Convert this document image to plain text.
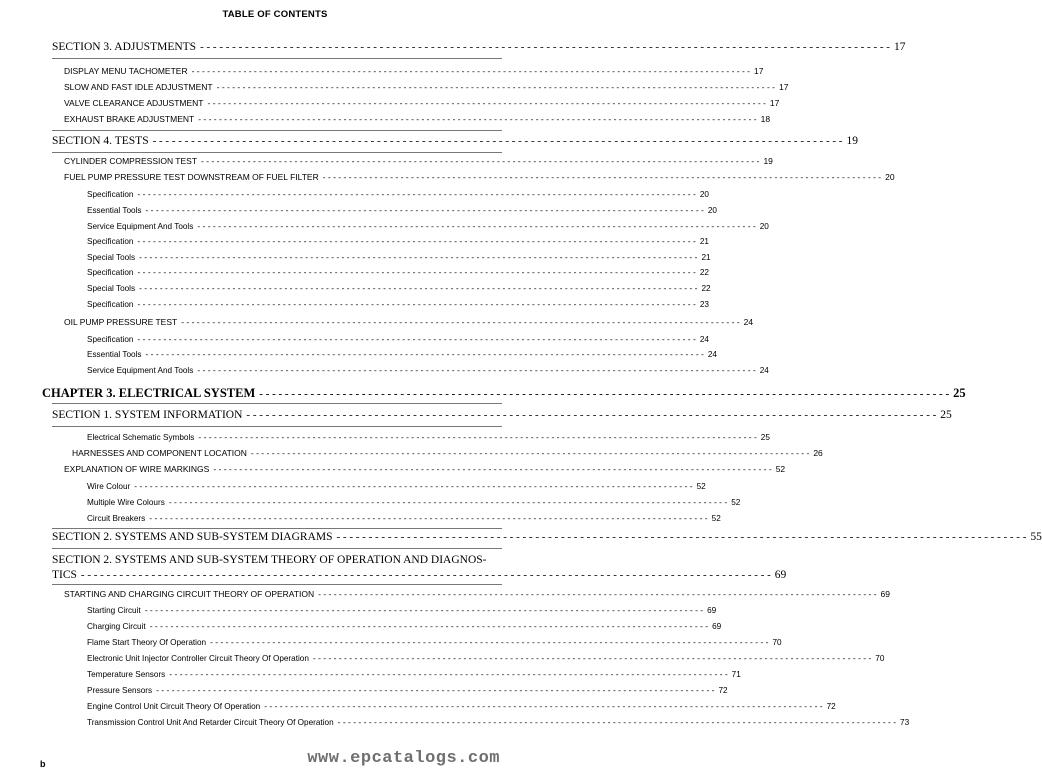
TABLE OF CONTENTS
SECTION 3. ADJUSTMENTS - - - - - - - - - - - - - - - - - - - - - - - - - - - - - - - - - - - - - - - - - - - - - - - - - - - - - - - - - - - - - - - - - - - - - - - - - - - - - - - - - - - - - - - - - - - - - - - - - - - - - - - - - - - - 17
DISPLAY MENU TACHOMETER - - - - - - - - - - - - - - - - - - - - - - - - - - - - - - - - - - - - - - - - - - - - - - - - - - - - - - - - - - - - - - - - - - - - - - - - - - - - - - - - - - - - - - - - - - - - - - - - - - - - - - - - - - - - 17
SLOW AND FAST IDLE ADJUSTMENT - - - - - - - - - - - - - - - - - - - - - - - - - - - - - - - - - - - - - - - - - - - - - - - - - - - - - - - - - - - - - - - - - - - - - - - - - - - - - - - - - - - - - - - - - - - - - - - - - - - - - - - - - - - - 17
VALVE CLEARANCE ADJUSTMENT - - - - - - - - - - - - - - - - - - - - - - - - - - - - - - - - - - - - - - - - - - - - - - - - - - - - - - - - - - - - - - - - - - - - - - - - - - - - - - - - - - - - - - - - - - - - - - - - - - - - - - - - - - - - 17
EXHAUST BRAKE ADJUSTMENT - - - - - - - - - - - - - - - - - - - - - - - - - - - - - - - - - - - - - - - - - - - - - - - - - - - - - - - - - - - - - - - - - - - - - - - - - - - - - - - - - - - - - - - - - - - - - - - - - - - - - - - - - - - - 18
SECTION 4. TESTS - - - - - - - - - - - - - - - - - - - - - - - - - - - - - - - - - - - - - - - - - - - - - - - - - - - - - - - - - - - - - - - - - - - - - - - - - - - - - - - - - - - - - - - - - - - - - - - - - - - - - - - - - - - - 19
CYLINDER COMPRESSION TEST - - - - - - - - - - - - - - - - - - - - - - - - - - - - - - - - - - - - - - - - - - - - - - - - - - - - - - - - - - - - - - - - - - - - - - - - - - - - - - - - - - - - - - - - - - - - - - - - - - - - - - - - - - - - 19
FUEL PUMP PRESSURE TEST DOWNSTREAM OF FUEL FILTER - - - - - - - - - - - - - - - - - - - - - - - - - - - - - - - - - - - - - - - - - - - - - - - - - - - - - - - - - - - - - - - - - - - - - - - - - - - - - - - - - - - - - - - - - - - - - - - - - - - - - - - - - - - - 20
Specification - - - - - - - - - - - - - - - - - - - - - - - - - - - - - - - - - - - - - - - - - - - - - - - - - - - - - - - - - - - - - - - - - - - - - - - - - - - - - - - - - - - - - - - - - - - - - - - - - - - - - - - - - - - - 20
Essential Tools - - - - - - - - - - - - - - - - - - - - - - - - - - - - - - - - - - - - - - - - - - - - - - - - - - - - - - - - - - - - - - - - - - - - - - - - - - - - - - - - - - - - - - - - - - - - - - - - - - - - - - - - - - - - 20
Service Equipment And Tools - - - - - - - - - - - - - - - - - - - - - - - - - - - - - - - - - - - - - - - - - - - - - - - - - - - - - - - - - - - - - - - - - - - - - - - - - - - - - - - - - - - - - - - - - - - - - - - - - - - - - - - - - - - - 20
Specification - - - - - - - - - - - - - - - - - - - - - - - - - - - - - - - - - - - - - - - - - - - - - - - - - - - - - - - - - - - - - - - - - - - - - - - - - - - - - - - - - - - - - - - - - - - - - - - - - - - - - - - - - - - - 21
Special Tools - - - - - - - - - - - - - - - - - - - - - - - - - - - - - - - - - - - - - - - - - - - - - - - - - - - - - - - - - - - - - - - - - - - - - - - - - - - - - - - - - - - - - - - - - - - - - - - - - - - - - - - - - - - - 21
Specification - - - - - - - - - - - - - - - - - - - - - - - - - - - - - - - - - - - - - - - - - - - - - - - - - - - - - - - - - - - - - - - - - - - - - - - - - - - - - - - - - - - - - - - - - - - - - - - - - - - - - - - - - - - - 22
Special Tools - - - - - - - - - - - - - - - - - - - - - - - - - - - - - - - - - - - - - - - - - - - - - - - - - - - - - - - - - - - - - - - - - - - - - - - - - - - - - - - - - - - - - - - - - - - - - - - - - - - - - - - - - - - - 22
Specification - - - - - - - - - - - - - - - - - - - - - - - - - - - - - - - - - - - - - - - - - - - - - - - - - - - - - - - - - - - - - - - - - - - - - - - - - - - - - - - - - - - - - - - - - - - - - - - - - - - - - - - - - - - - 23
OIL PUMP PRESSURE TEST - - - - - - - - - - - - - - - - - - - - - - - - - - - - - - - - - - - - - - - - - - - - - - - - - - - - - - - - - - - - - - - - - - - - - - - - - - - - - - - - - - - - - - - - - - - - - - - - - - - - - - - - - - - - 24
Specification - - - - - - - - - - - - - - - - - - - - - - - - - - - - - - - - - - - - - - - - - - - - - - - - - - - - - - - - - - - - - - - - - - - - - - - - - - - - - - - - - - - - - - - - - - - - - - - - - - - - - - - - - - - - 24
Essential Tools - - - - - - - - - - - - - - - - - - - - - - - - - - - - - - - - - - - - - - - - - - - - - - - - - - - - - - - - - - - - - - - - - - - - - - - - - - - - - - - - - - - - - - - - - - - - - - - - - - - - - - - - - - - - 24
Service Equipment And Tools - - - - - - - - - - - - - - - - - - - - - - - - - - - - - - - - - - - - - - - - - - - - - - - - - - - - - - - - - - - - - - - - - - - - - - - - - - - - - - - - - - - - - - - - - - - - - - - - - - - - - - - - - - - - 24
CHAPTER 3. ELECTRICAL SYSTEM - - - - - - - - - - - - - - - - - - - - - - - - - - - - - - - - - - - - - - - - - - - - - - - - - - - - - - - - - - - - - - - - - - - - - - - - - - - - - - - - - - - - - - - - - - - - - - - - - - - - - - - - - - - - 25
SECTION 1. SYSTEM INFORMATION - - - - - - - - - - - - - - - - - - - - - - - - - - - - - - - - - - - - - - - - - - - - - - - - - - - - - - - - - - - - - - - - - - - - - - - - - - - - - - - - - - - - - - - - - - - - - - - - - - - - - - - - - - - - 25
Electrical Schematic Symbols - - - - - - - - - - - - - - - - - - - - - - - - - - - - - - - - - - - - - - - - - - - - - - - - - - - - - - - - - - - - - - - - - - - - - - - - - - - - - - - - - - - - - - - - - - - - - - - - - - - - - - - - - - - - 25
HARNESSES AND COMPONENT LOCATION - - - - - - - - - - - - - - - - - - - - - - - - - - - - - - - - - - - - - - - - - - - - - - - - - - - - - - - - - - - - - - - - - - - - - - - - - - - - - - - - - - - - - - - - - - - - - - - - - - - - - - - - - - - - 26
EXPLANATION OF WIRE MARKINGS - - - - - - - - - - - - - - - - - - - - - - - - - - - - - - - - - - - - - - - - - - - - - - - - - - - - - - - - - - - - - - - - - - - - - - - - - - - - - - - - - - - - - - - - - - - - - - - - - - - - - - - - - - - - 52
Wire Colour - - - - - - - - - - - - - - - - - - - - - - - - - - - - - - - - - - - - - - - - - - - - - - - - - - - - - - - - - - - - - - - - - - - - - - - - - - - - - - - - - - - - - - - - - - - - - - - - - - - - - - - - - - - - 52
Multiple Wire Colours - - - - - - - - - - - - - - - - - - - - - - - - - - - - - - - - - - - - - - - - - - - - - - - - - - - - - - - - - - - - - - - - - - - - - - - - - - - - - - - - - - - - - - - - - - - - - - - - - - - - - - - - - - - - 52
Circuit Breakers - - - - - - - - - - - - - - - - - - - - - - - - - - - - - - - - - - - - - - - - - - - - - - - - - - - - - - - - - - - - - - - - - - - - - - - - - - - - - - - - - - - - - - - - - - - - - - - - - - - - - - - - - - - - 52
SECTION 2. SYSTEMS AND SUB-SYSTEM DIAGRAMS - - - - - - - - - - - - - - - - - - - - - - - - - - - - - - - - - - - - - - - - - - - - - - - - - - - - - - - - - - - - - - - - - - - - - - - - - - - - - - - - - - - - - - - - - - - - - - - - - - - - - - - - - - - - 55
SECTION 2. SYSTEMS AND SUB-SYSTEM THEORY OF OPERATION AND DIAGNOS-
TICS - - - - - - - - - - - - - - - - - - - - - - - - - - - - - - - - - - - - - - - - - - - - - - - - - - - - - - - - - - - - - - - - - - - - - - - - - - - - - - - - - - - - - - - - - - - - - - - - - - - - - - - - - - - - 69
STARTING AND CHARGING CIRCUIT THEORY OF OPERATION - - - - - - - - - - - - - - - - - - - - - - - - - - - - - - - - - - - - - - - - - - - - - - - - - - - - - - - - - - - - - - - - - - - - - - - - - - - - - - - - - - - - - - - - - - - - - - - - - - - - - - - - - - - - 69
Starting Circuit - - - - - - - - - - - - - - - - - - - - - - - - - - - - - - - - - - - - - - - - - - - - - - - - - - - - - - - - - - - - - - - - - - - - - - - - - - - - - - - - - - - - - - - - - - - - - - - - - - - - - - - - - - - - 69
Charging Circuit - - - - - - - - - - - - - - - - - - - - - - - - - - - - - - - - - - - - - - - - - - - - - - - - - - - - - - - - - - - - - - - - - - - - - - - - - - - - - - - - - - - - - - - - - - - - - - - - - - - - - - - - - - - - 69
Flame Start Theory Of Operation - - - - - - - - - - - - - - - - - - - - - - - - - - - - - - - - - - - - - - - - - - - - - - - - - - - - - - - - - - - - - - - - - - - - - - - - - - - - - - - - - - - - - - - - - - - - - - - - - - - - - - - - - - - - 70
Electronic Unit Injector Controller Circuit Theory Of Operation - - - - - - - - - - - - - - - - - - - - - - - - - - - - - - - - - - - - - - - - - - - - - - - - - - - - - - - - - - - - - - - - - - - - - - - - - - - - - - - - - - - - - - - - - - - - - - - - - - - - - - - - - - - - 70
Temperature Sensors - - - - - - - - - - - - - - - - - - - - - - - - - - - - - - - - - - - - - - - - - - - - - - - - - - - - - - - - - - - - - - - - - - - - - - - - - - - - - - - - - - - - - - - - - - - - - - - - - - - - - - - - - - - - 71
Pressure Sensors - - - - - - - - - - - - - - - - - - - - - - - - - - - - - - - - - - - - - - - - - - - - - - - - - - - - - - - - - - - - - - - - - - - - - - - - - - - - - - - - - - - - - - - - - - - - - - - - - - - - - - - - - - - - 72
Engine Control Unit Circuit Theory Of Operation - - - - - - - - - - - - - - - - - - - - - - - - - - - - - - - - - - - - - - - - - - - - - - - - - - - - - - - - - - - - - - - - - - - - - - - - - - - - - - - - - - - - - - - - - - - - - - - - - - - - - - - - - - - - 72
Transmission Control Unit And Retarder Circuit Theory Of Operation - - - - - - - - - - - - - - - - - - - - - - - - - - - - - - - - - - - - - - - - - - - - - - - - - - - - - - - - - - - - - - - - - - - - - - - - - - - - - - - - - - - - - - - - - - - - - - - - - - - - - - - - - - - - 73
b	www.epcatalogs.com
